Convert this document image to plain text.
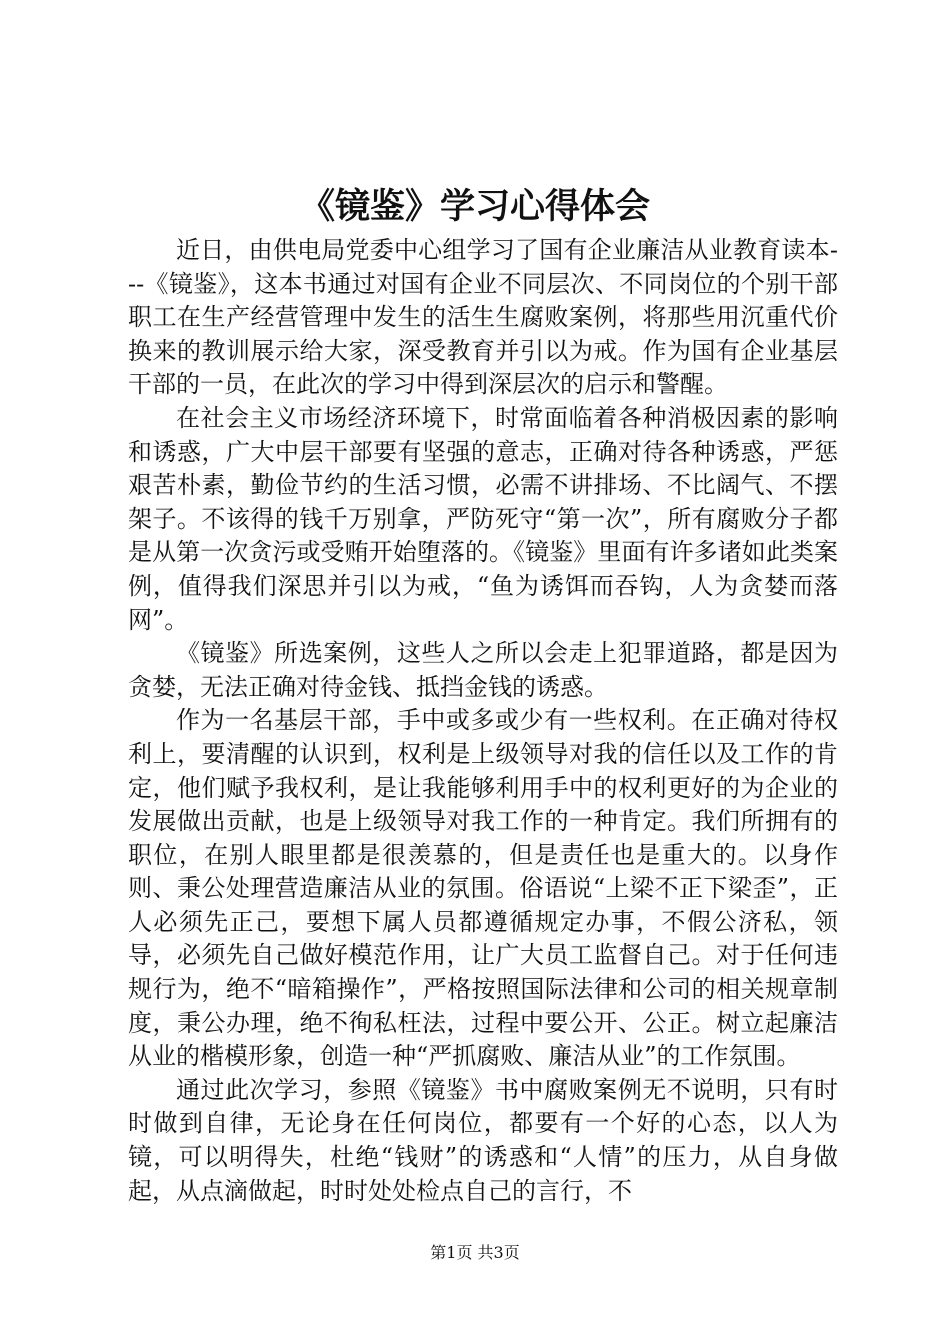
《镜鉴》学习心得体会

近日，由供电局党委中心组学习了国有企业廉洁从业教育读本---《镜鉴》，这本书通过对国有企业不同层次、不同岗位的个别干部职工在生产经营管理中发生的活生生腐败案例，将那些用沉重代价换来的教训展示给大家，深受教育并引以为戒。作为国有企业基层干部的一员，在此次的学习中得到深层次的启示和警醒。

在社会主义市场经济环境下，时常面临着各种消极因素的影响和诱惑，广大中层干部要有坚强的意志，正确对待各种诱惑，严惩艰苦朴素，勤俭节约的生活习惯，必需不讲排场、不比阔气、不摆架子。不该得的钱千万别拿，严防死守“第一次”，所有腐败分子都是从第一次贪污或受贿开始堕落的。《镜鉴》里面有许多诸如此类案例，值得我们深思并引以为戒，“鱼为诱饵而吞钩，人为贪婪而落网”。

《镜鉴》所选案例，这些人之所以会走上犯罪道路，都是因为贪婪，无法正确对待金钱、抵挡金钱的诱惑。

作为一名基层干部，手中或多或少有一些权利。在正确对待权利上，要清醒的认识到，权利是上级领导对我的信任以及工作的肯定，他们赋予我权利，是让我能够利用手中的权利更好的为企业的发展做出贡献，也是上级领导对我工作的一种肯定。我们所拥有的职位，在别人眼里都是很羡慕的，但是责任也是重大的。以身作则、秉公处理营造廉洁从业的氛围。俗语说“上梁不正下梁歪”，正人必须先正己，要想下属人员都遵循规定办事，不假公济私，领导，必须先自己做好模范作用，让广大员工监督自己。对于任何违规行为，绝不“暗箱操作”，严格按照国际法律和公司的相关规章制度，秉公办理，绝不徇私枉法，过程中要公开、公正。树立起廉洁从业的楷模形象，创造一种“严抓腐败、廉洁从业”的工作氛围。

通过此次学习，参照《镜鉴》书中腐败案例无不说明，只有时时做到自律，无论身在任何岗位，都要有一个好的心态，以人为镜，可以明得失，杜绝“钱财”的诱惑和“人情”的压力，从自身做起，从点滴做起，时时处处检点自己的言行，不

第1页 共3页
